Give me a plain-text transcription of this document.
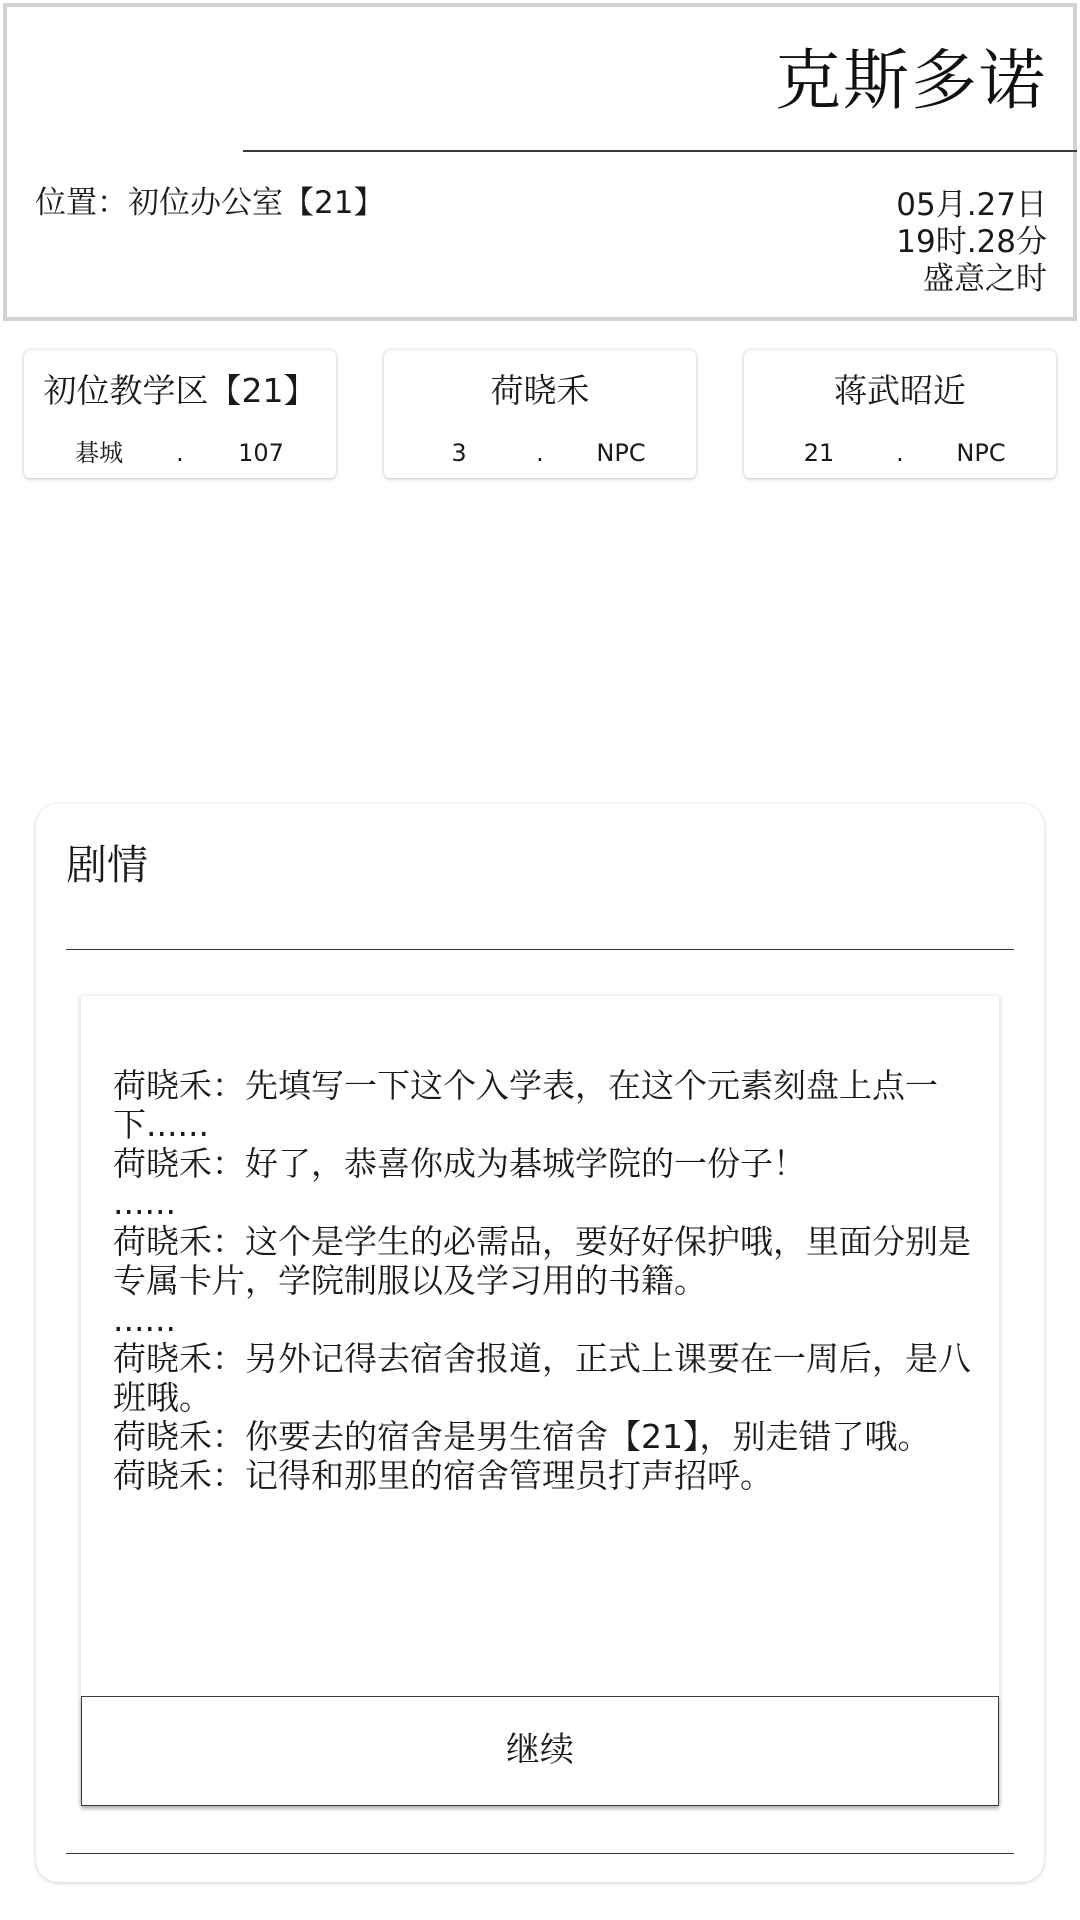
克斯多诺
位置：初位办公室【21】	05月.27日
19时.28分
盛意之时
初位教学区【21】
碁城	.	107
荷晓禾
3	.	NPC
蒋武昭近
21	.	NPC
剧情
荷晓禾：先填写一下这个入学表，在这个元素刻盘上点一下......
荷晓禾：好了，恭喜你成为碁城学院的一份子！
......
荷晓禾：这个是学生的必需品，要好好保护哦，里面分别是专属卡片，学院制服以及学习用的书籍。
......
荷晓禾：另外记得去宿舍报道，正式上课要在一周后，是八班哦。
荷晓禾：你要去的宿舍是男生宿舍【21】，别走错了哦。
荷晓禾：记得和那里的宿舍管理员打声招呼。
继续
